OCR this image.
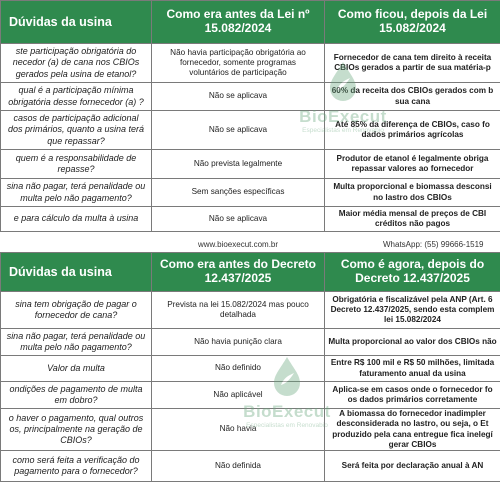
Dúvidas da usina	Como era antes da Lei nº 15.082/2024	Como ficou, depois da Lei 15.082/2024

ste participação obrigatória do
necedor (a) de cana nos CBIOs
gerados pela usina de etanol?	Não havia participação obrigatória ao
fornecedor, somente programas
voluntários de participação	Fornecedor de cana tem direito à receita
CBIOs gerados a partir de sua matéria-p

qual é a participação mínima
obrigatória desse fornecedor (a) ?	Não se aplicava	60% da receita dos CBIOs gerados com b
sua cana

casos de participação adicional
dos primários, quanto a usina terá
que repassar?	Não se aplicava	Até 85% da diferença de CBIOs, caso fo
dados primários agrícolas

quem é a responsabilidade de
repasse?	Não prevista legalmente	Produtor de etanol é legalmente obriga
repassar valores ao fornecedor

sina não pagar, terá penalidade ou
multa pelo não pagamento?	Sem sanções específicas	Multa proporcional e biomassa desconsi
no lastro dos CBIOs

e para cálculo da multa à usina	Não se aplicava	Maior média mensal de preços de CBI
créditos não pagos
www.bioexecut.com.br	WhatsApp: (55) 99666-1519
Dúvidas da usina	Como era antes do Decreto 12.437/2025	Como é agora, depois do Decreto 12.437/2025

sina tem obrigação de pagar o
fornecedor de cana?	Prevista na lei 15.082/2024 mas pouco
detalhada	Obrigatória e fiscalizável pela ANP (Art. 6
Decreto 12.437/2025, sendo esta complem
lei 15.082/2024

sina não pagar, terá penalidade ou
multa pelo não pagamento?	Não havia punição clara	Multa proporcional ao valor dos CBIOs não

Valor da multa	Não definido	Entre R$ 100 mil e R$ 50 milhões, limitada
faturamento anual da usina

ondições de pagamento de multa
em dobro?	Não aplicável	Aplica-se em casos onde o fornecedor fo
os dados primários corretamente

o haver o pagamento, qual outros
os, principalmente na geração de
CBIOs?	Não havia	A biomassa do fornecedor inadimpler
desconsiderada no lastro, ou seja, o Et
produzido pela cana entregue fica inelegí
gerar CBIOs

como será feita a verificação do
pagamento para o fornecedor?	Não definida	Será feita por declaração anual à AN
BioExecut
Especialistas em Renovabio
BioExecut
Especialistas em Renovabio
